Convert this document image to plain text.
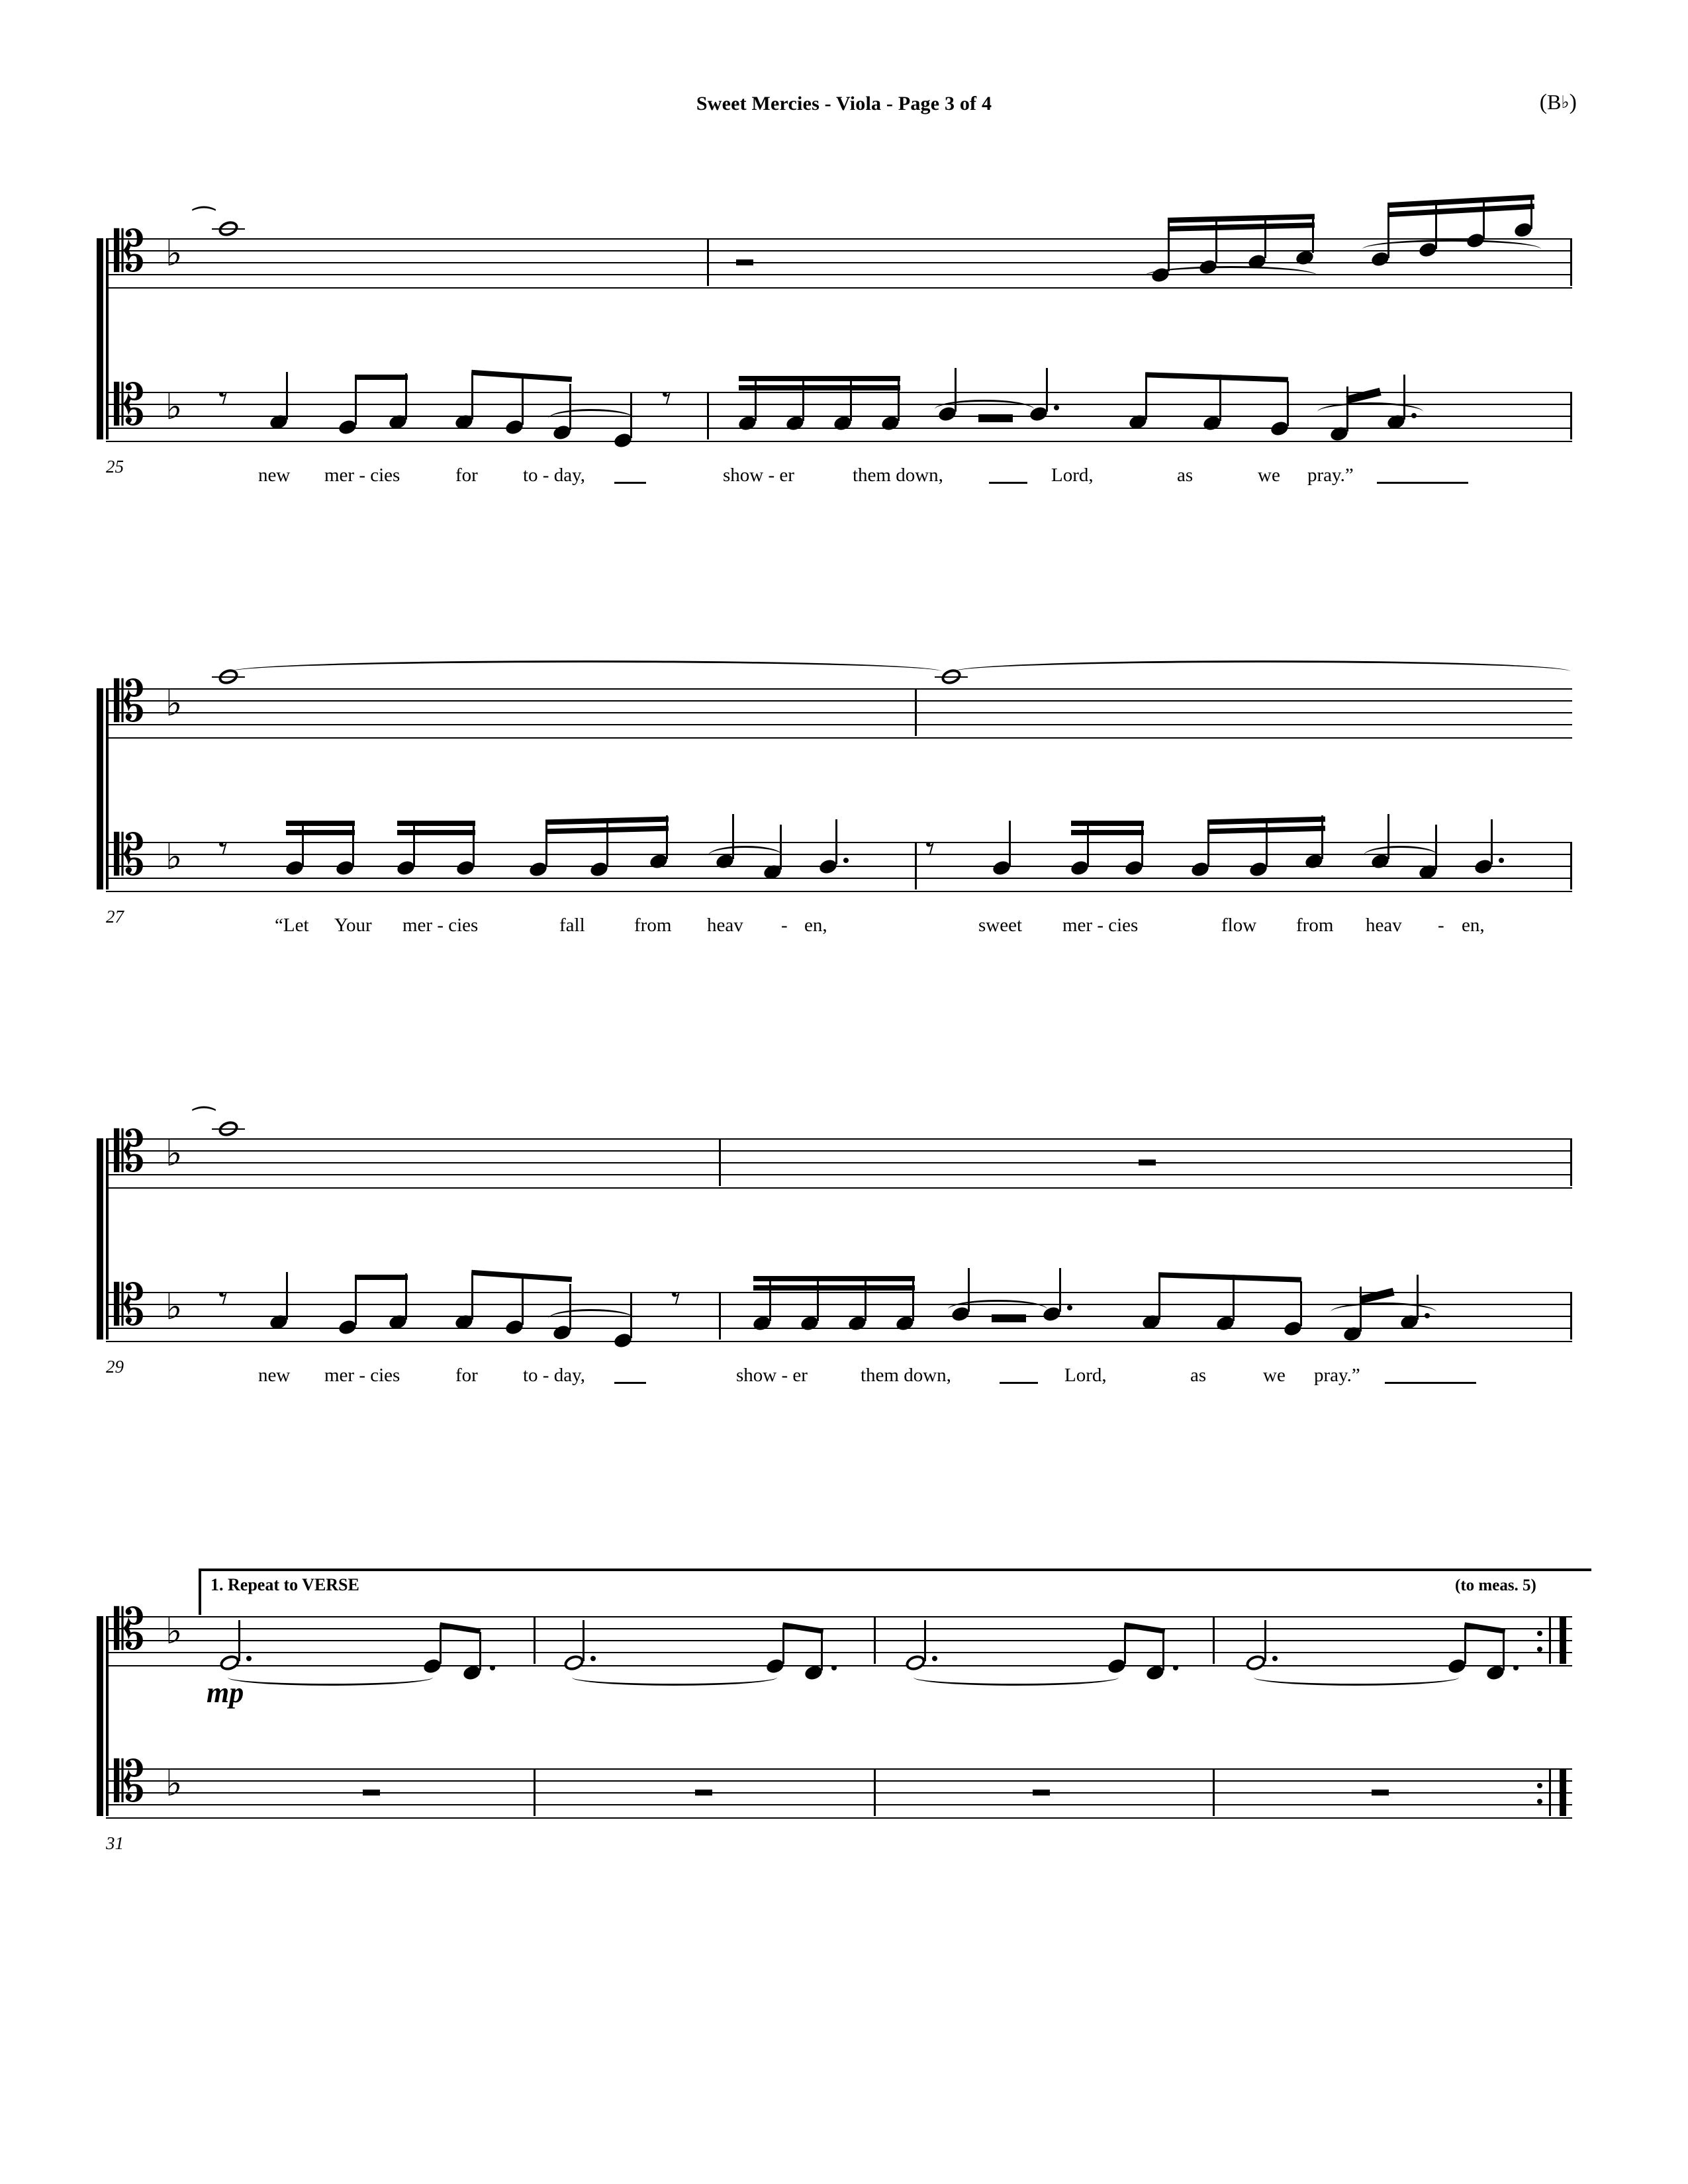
Sweet Mercies - Viola - Page 3 of 4	(B♭)
𝄡 ♭
𝄡 ♭
⁀
𝄾	𝄾
25	new mer - cies	for to - day,	show - er	them down,	Lord,	as	we pray.”
𝄡 ♭
𝄡 ♭ 𝄾	𝄾
27	“Let Your mer - cies	fall	from heav - en,	sweet mer - cies	flow from heav - en,
𝄡 ♭
𝄡 ♭
⁀
𝄾	𝄾
29	new mer - cies	for to - day,	show - er	them down,	Lord,	as	we pray.”
1. Repeat to VERSE	(to meas. 5)
𝄡 ♭
𝄡 ♭
mp
31
